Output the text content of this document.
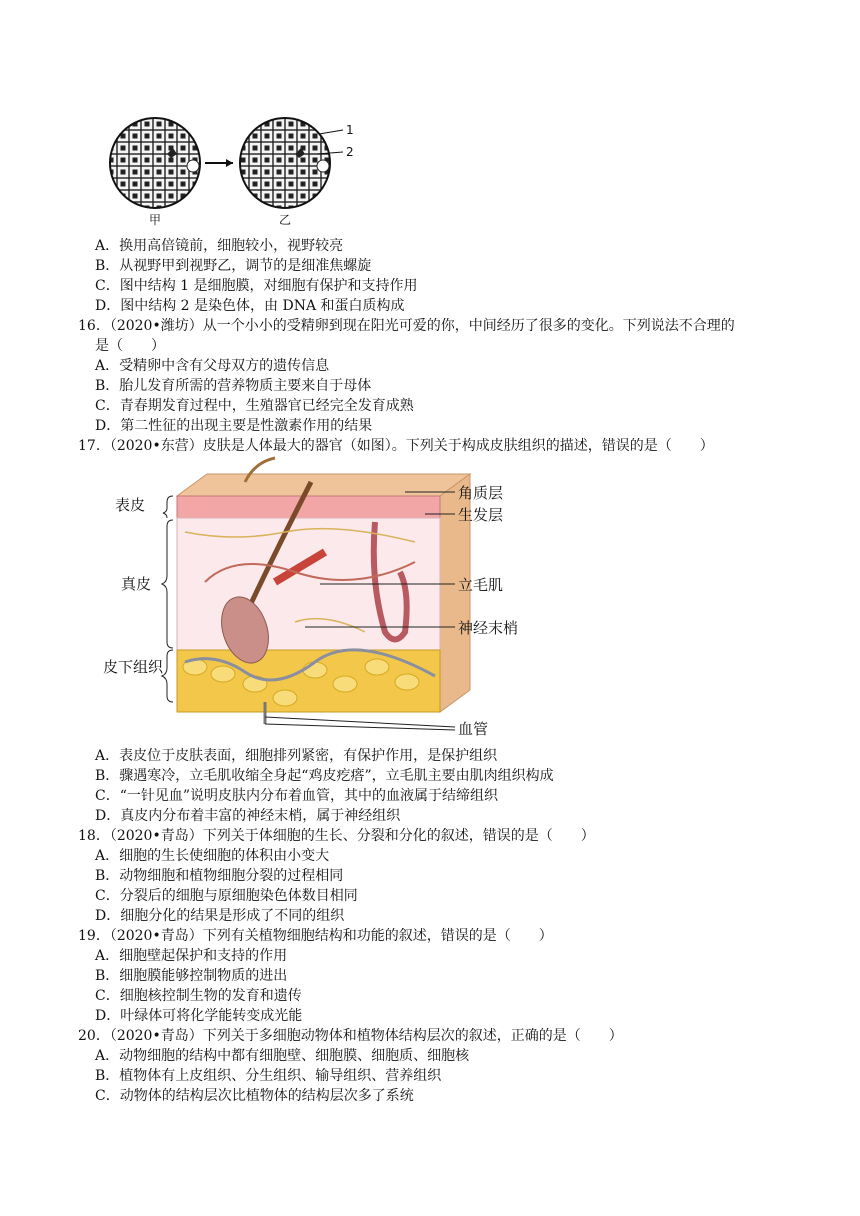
1
2
甲	乙
A．换用高倍镜前，细胞较小，视野较亮
B．从视野甲到视野乙，调节的是细准焦螺旋
C．图中结构 1 是细胞膜，对细胞有保护和支持作用
D．图中结构 2 是染色体，由 DNA 和蛋白质构成
16．（2020•潍坊）从一个小小的受精卵到现在阳光可爱的你，中间经历了很多的变化。下列说法不合理的
是（　　）
A．受精卵中含有父母双方的遗传信息
B．胎儿发育所需的营养物质主要来自于母体
C．青春期发育过程中，生殖器官已经完全发育成熟
D．第二性征的出现主要是性激素作用的结果
17．（2020•东营）皮肤是人体最大的器官（如图）。下列关于构成皮肤组织的描述，错误的是（　　）
表皮
真皮
皮下组织
角质层
生发层
立毛肌
神经末梢
血管
A．表皮位于皮肤表面，细胞排列紧密，有保护作用，是保护组织
B．骤遇寒冷，立毛肌收缩全身起“鸡皮疙瘩”，立毛肌主要由肌肉组织构成
C．“一针见血”说明皮肤内分布着血管，其中的血液属于结缔组织
D．真皮内分布着丰富的神经末梢，属于神经组织
18．（2020•青岛）下列关于体细胞的生长、分裂和分化的叙述，错误的是（　　）
A．细胞的生长使细胞的体积由小变大
B．动物细胞和植物细胞分裂的过程相同
C．分裂后的细胞与原细胞染色体数目相同
D．细胞分化的结果是形成了不同的组织
19．（2020•青岛）下列有关植物细胞结构和功能的叙述，错误的是（　　）
A．细胞壁起保护和支持的作用
B．细胞膜能够控制物质的进出
C．细胞核控制生物的发育和遗传
D．叶绿体可将化学能转变成光能
20．（2020•青岛）下列关于多细胞动物体和植物体结构层次的叙述，正确的是（　　）
A．动物细胞的结构中都有细胞壁、细胞膜、细胞质、细胞核
B．植物体有上皮组织、分生组织、输导组织、营养组织
C．动物体的结构层次比植物体的结构层次多了系统
